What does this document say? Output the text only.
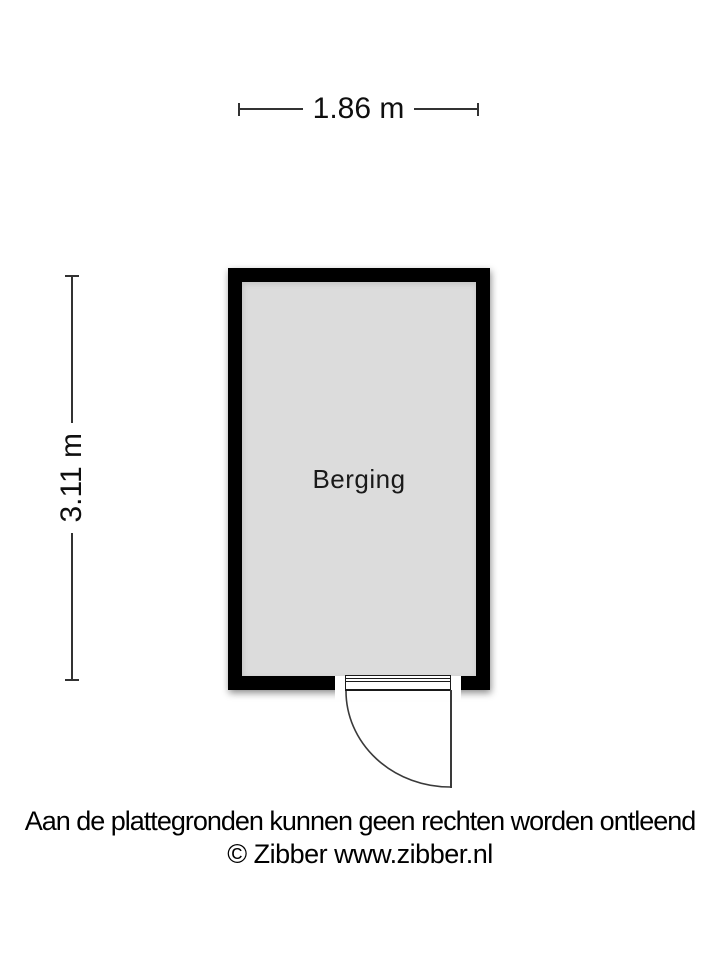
1.86 m
3.11 m	Berging
Aan de plattegronden kunnen geen rechten worden ontleend
© Zibber www.zibber.nl
